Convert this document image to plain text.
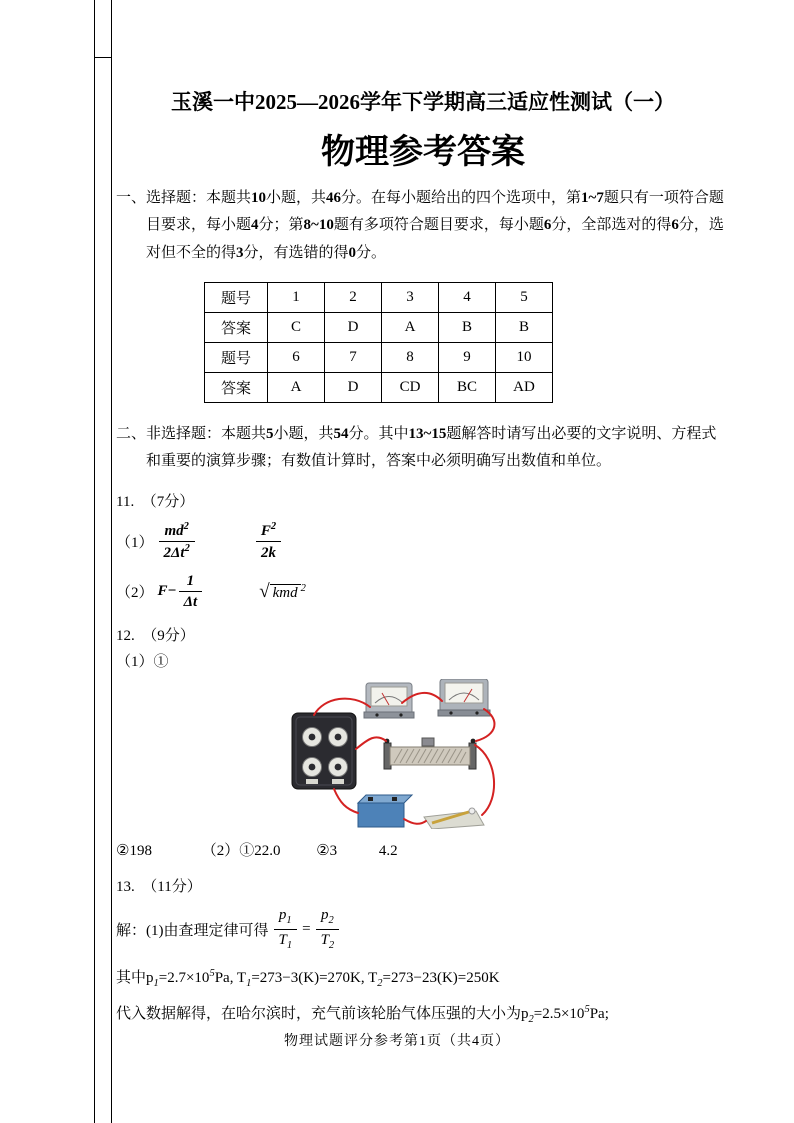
玉溪一中2025—2026学年下学期高三适应性测试（一）
物理参考答案

一、选择题：本题共10小题，共46分。在每小题给出的四个选项中，第1~7题只有一项符合题目要求，每小题4分；第8~10题有多项符合题目要求，每小题6分，全部选对的得6分，选对但不全的得3分，有选错的得0分。

题号	1	2	3	4	5
答案	C	D	A	B	B
题号	6	7	8	9	10
答案	A	D	CD	BC	AD

二、非选择题：本题共5小题，共54分。其中13~15题解答时请写出必要的文字说明、方程式和重要的演算步骤；有数值计算时，答案中必须明确写出数值和单位。

11.  （7分）
$(1) \frac{md^2}{2\Delta t^2}$	$\frac{F^2}{2k}$
（2） $F- \frac{1}{\Delta t}$	√ kmd $^2$
12.  （9分）
（1）①
②198	（2）①22.0 ②3	4.2
13.  （11分）
解：(1)由查理定律可得 $\frac{p_1}{T_1} = \frac{p_2}{T_2}$

其中$p_1=2.7\times 10^5Pa$, $T_1=273-3(K)=270K$, $T_2=273-23(K)=250K$

代入数据解得，在哈尔滨时，充气前该轮胎气体压强的大小为$p_2=2.5\times 10^5Pa$;

物理试题评分参考第1页（共4页）
